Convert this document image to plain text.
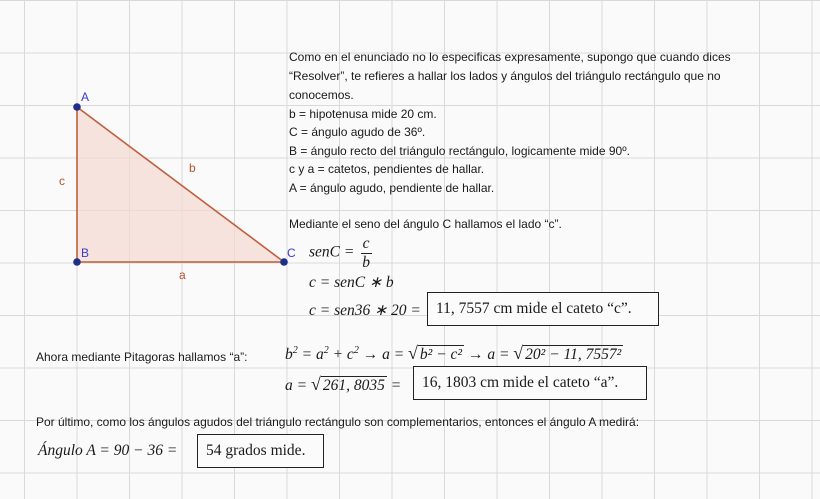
A
B	C
a
b
c
Como en el enunciado no lo especificas expresamente, supongo que cuando dices
“Resolver”, te refieres a hallar los lados y ángulos del triángulo rectángulo que no
conocemos.
b = hipotenusa mide 20 cm.
C = ángulo agudo de 36º.
B = ángulo recto del triángulo rectángulo, logicamente mide 90º.
c y a = catetos, pendientes de hallar.
A = ángulo agudo, pendiente de hallar.
Mediante el seno del ángulo C hallamos el lado “c”.
senC = $\frac{c}{b}$
c = senC ∗ b
c = sen36 ∗ 20 = 11, 7557 cm mide el cateto “c”.
Ahora mediante Pitagoras hallamos “a”: $b^2 = a^2 + c^2 \to a$ = √ b² − c² → a = √ 20² − 11, 7557²
a = √ 261, 8035 =	16, 1803 cm mide el cateto “a”.
Por último, como los ángulos agudos del triángulo rectángulo son complementarios, entonces el ángulo A medirá:
Ángulo A = 90 − 36 =	54 grados mide.
